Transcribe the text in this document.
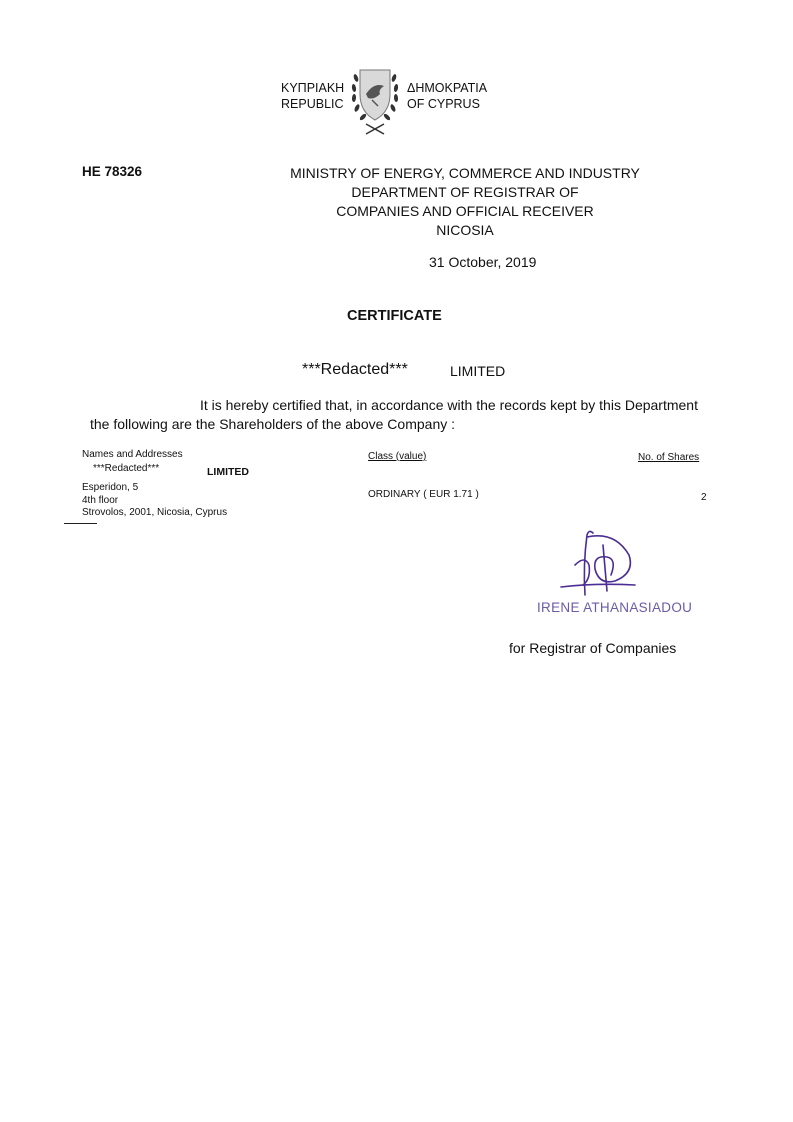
ΚΥΠΡΙΑΚΗ
REPUBLIC
ΔΗΜΟΚΡΑΤΙΑ
OF CYPRUS
HE 78326	MINISTRY OF ENERGY, COMMERCE AND INDUSTRY
DEPARTMENT OF REGISTRAR OF
COMPANIES AND OFFICIAL RECEIVER
NICOSIA
31 October, 2019
CERTIFICATE
***Redacted***	LIMITED
It is hereby certified that, in accordance with the records kept by this Department
the following are the Shareholders of the above Company :
Names and Addresses	Class (value)	No. of Shares
***Redacted***	LIMITED
Esperidon, 5
4th floor
Strovolos, 2001, Nicosia, Cyprus
ORDINARY ( EUR 1.71 )	2
IRENE ATHANASIADOU
for Registrar of Companies
